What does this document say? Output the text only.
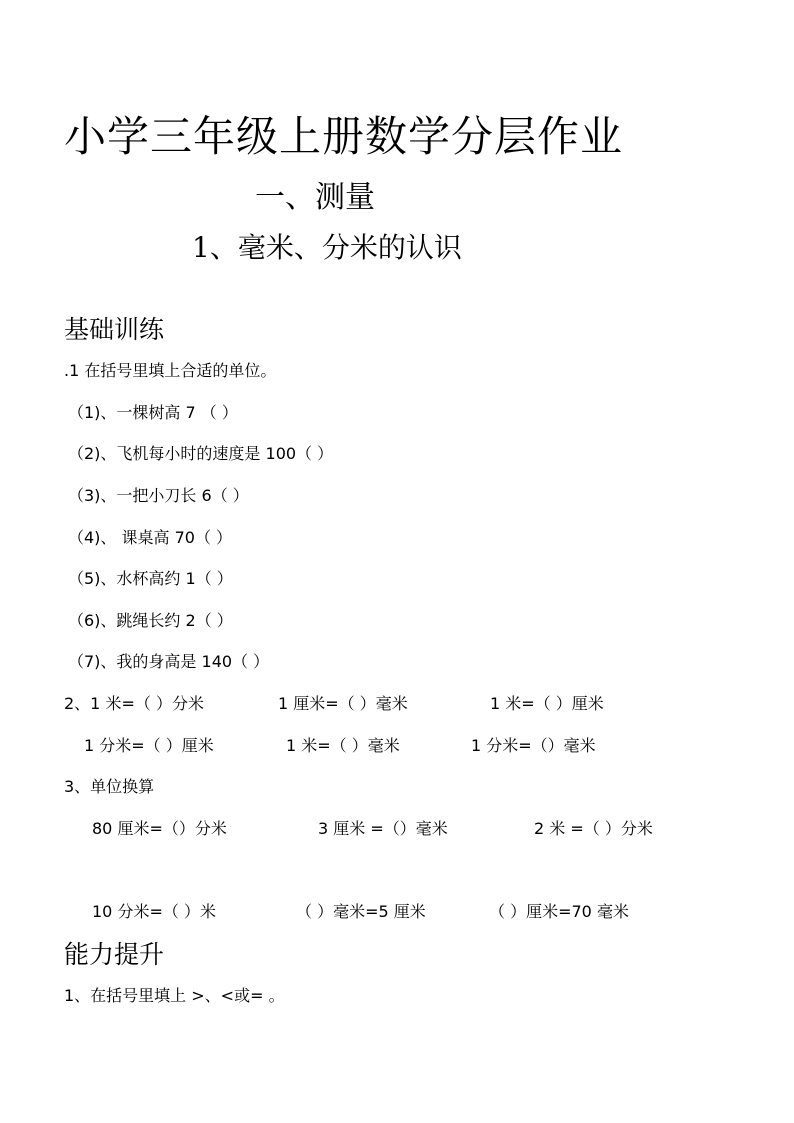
小学三年级上册数学分层作业
一、测量
1、毫米、分米的认识
基础训练
.1 在括号里填上合适的单位。
（1)、一棵树高 7 （ ）
（2)、飞机每小时的速度是 100（ ）
（3)、一把小刀长 6（ ）
（4)、 课桌高 70（ ）
（5)、水杯高约 1（ ）
（6)、跳绳长约 2（ ）
（7)、我的身高是 140（ ）
2、1 米=（ ）分米	1 厘米=（ ）毫米	1 米=（ ）厘米
1 分米=（ ）厘米	1 米=（ ）毫米	1 分米=（）毫米
3、单位换算
80 厘米=（）分米	3 厘米 =（）毫米	2 米 =（ ）分米
10 分米=（ ）米	（ ）毫米=5 厘米	（ ）厘米=70 毫米
能力提升
1、在括号里填上 >、<或= 。
